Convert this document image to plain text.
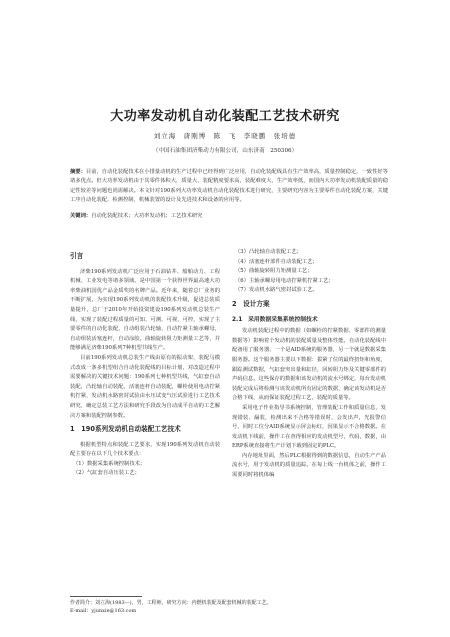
大功率发动机自动化装配工艺技术研究
刘立海　唐刚博　陈　飞　李晓鹏　张培德
（中国石油集团济柴动力有限公司，山东济南　250306）
摘要：目前，自动化装配技术在小排量动机的生产过程中已经得到广泛应用，自动化装配线具有生产效率高，质量控制稳定，一致性好等诸多优点。但大功率发动机由于其零件体积大，质量大，装配精度要求高，装配难度大，生产效率低，而国内大功率发动机装配质量的稳定性较差等问题也尚需解决。本文针对190系列大功率发动机自动化装配技术进行研究，主要研究内容为主要零件自动化装配方案，关键工序自动化装配，检测控制，机械装置的设计及先进技术和设备的应用等。
关键词：自动化装配技术；大功率发动机；工艺技术研究
引言

济柴190系列发动机广泛应用于石油钻井、船舶动力、工程机械、工业发电等诸多领域，是中国第一个获得世界最高速大功率柴油机国优产品金质奖的名牌产品。近年来，随着总厂业务的不断扩展，为实现190系列发动机的装配技术升级，促进总装质量提升，总厂于2010年开始投资建设190系列发动机总装生产线，实现了装配过程质量的可知、可测、可视、可控，实现了主要零件的自动化装配，自动组装凸轮轴、自动拧紧主轴承螺母，自动组装活塞连杆，自动涂胶，曲轴旋转阻力矩测量工艺等，并能够满足济柴190系列7种机型共线生产。

目前190系列发动机总装生产线由原有的振动架、装配马模式改成一条多机型组合自动化装配线的目标计划，对改造过程中需要解决的关键技术问题：190系列七种机型共线，气缸套自动装配，凸轮轴自动装配，活塞连杆自动装配，螺栓使用电动拧紧机拧紧，发动机水路密封试验由水压试变气压试验进行工艺技术研究，确定总装工艺方法和研究手段改为自动成平自动的工艺解决方案和装配控制参数。

1　190系列发动机自动装配工艺技术

根据机型特点和装配工艺要求，实现190系列发动机自动装配主要存在以下几个技术要点：

（1）数据采集系统控制技术；
（2）气缸套自动压装工艺；
（3）凸轮轴自动装配工艺；
（4）活塞连杆部件自动装配工艺；
（5）曲轴旋转阻力矩测量工艺；
（6）主轴承螺母用电动拧紧机拧紧工艺；
（7）发动机水路气密封试验工艺。
2　设计方案
2.1　采用数据采集系统控制技术

发动机装配过程中的数据（如螺栓的拧紧数据、零部件的测量数据等）影响着个发动机的装配质量及整体性能。自动化装配线中配备用了服务器，一个是AID系统的服务器，另一个就是数据采集服务器。这个服务器主要以下数据：拔紧了位的最终扭矩和角度，跟踪测试数据，气缸套突出量和缸径，回转阻力矩及关键零部件的声码信息。这些保存的数据和该发动机的流水号绑定，每台发动机装配完成后将检测与该发动机所有固定的数据，确定该发动机是否合格下线，从而保证装配过程工艺，装配的质量等。

采用电子作业指导书系统控制，管理装配工作和质量信息，发现错装、漏装，检测出来不合格等错误时，会发出声，光报警信号，同时工位分AID系统显示屏会标红，因果显示不合格数据。在发动机下线前，操作工在查得相应的发动机型号，代码，数据，由ERP系统直接将生产计划下载到固定的PLC。

内存地址里面，然后PLC根据得到的数据信息，自动生产产品流水号，用于发动机的质量追踪。在每上线一台机体之前，操作工需要同时将机体编

作者简介：刘立海(1983—)，男，工程师，研究方向：内燃机装配及配套机械的装配工艺。
E-mail：yjunxie@163.com
